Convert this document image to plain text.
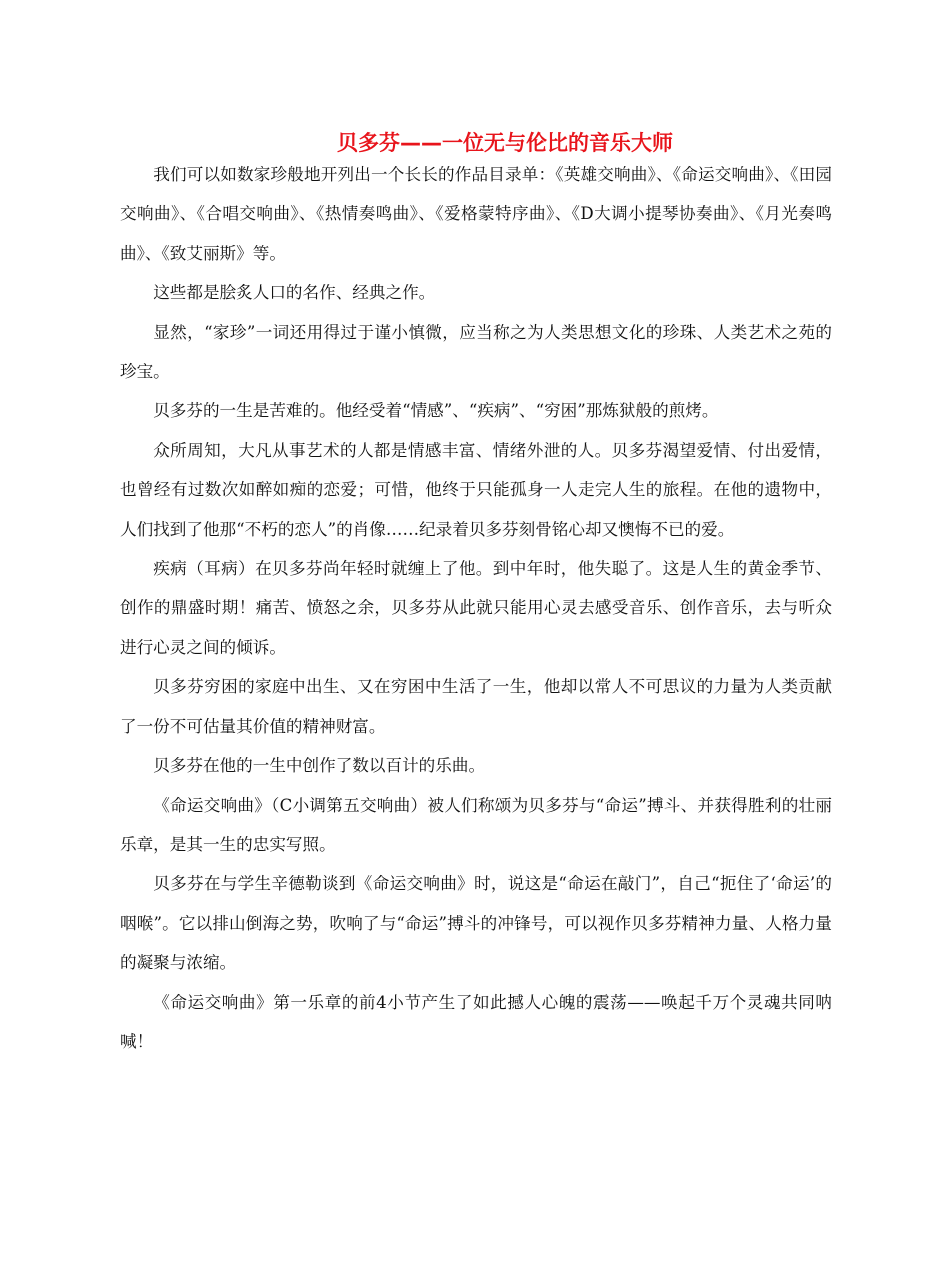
贝多芬——一位无与伦比的音乐大师

我们可以如数家珍般地开列出一个长长的作品目录单：《英雄交响曲》、《命运交响曲》、《田园交响曲》、《合唱交响曲》、《热情奏鸣曲》、《爱格蒙特序曲》、《D大调小提琴协奏曲》、《月光奏鸣曲》、《致艾丽斯》等。

这些都是脍炙人口的名作、经典之作。

显然，“家珍”一词还用得过于谨小慎微，应当称之为人类思想文化的珍珠、人类艺术之苑的珍宝。

贝多芬的一生是苦难的。他经受着“情感”、“疾病”、“穷困”那炼狱般的煎烤。

众所周知，大凡从事艺术的人都是情感丰富、情绪外泄的人。贝多芬渴望爱情、付出爱情，也曾经有过数次如醉如痴的恋爱；可惜，他终于只能孤身一人走完人生的旅程。在他的遗物中，人们找到了他那“不朽的恋人”的肖像……纪录着贝多芬刻骨铭心却又懊悔不已的爱。

疾病（耳病）在贝多芬尚年轻时就缠上了他。到中年时，他失聪了。这是人生的黄金季节、创作的鼎盛时期！痛苦、愤怒之余，贝多芬从此就只能用心灵去感受音乐、创作音乐，去与听众进行心灵之间的倾诉。

贝多芬穷困的家庭中出生、又在穷困中生活了一生，他却以常人不可思议的力量为人类贡献了一份不可估量其价值的精神财富。

贝多芬在他的一生中创作了数以百计的乐曲。

《命运交响曲》（C小调第五交响曲）被人们称颂为贝多芬与“命运”搏斗、并获得胜利的壮丽乐章，是其一生的忠实写照。

贝多芬在与学生辛德勒谈到《命运交响曲》时，说这是“命运在敲门”，自己“扼住了‘命运’的咽喉”。它以排山倒海之势，吹响了与“命运”搏斗的冲锋号，可以视作贝多芬精神力量、人格力量的凝聚与浓缩。

《命运交响曲》第一乐章的前4小节产生了如此撼人心魄的震荡——唤起千万个灵魂共同呐喊！
